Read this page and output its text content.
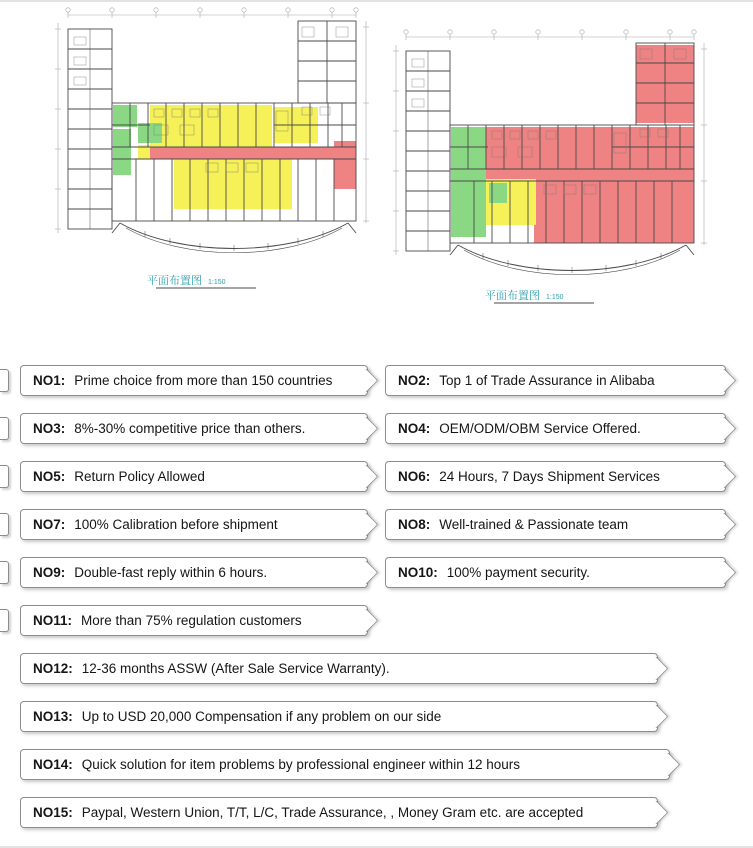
平面布置图 1:150
平面布置图 1:150
NO1: Prime choice from more than 150 countries	NO2: Top 1 of Trade Assurance in Alibaba
NO3: 8%-30% competitive price than others.	NO4: OEM/ODM/OBM Service Offered.
NO5: Return Policy Allowed	NO6: 24 Hours, 7 Days Shipment Services
NO7: 100% Calibration before shipment	NO8: Well-trained & Passionate team
NO9: Double-fast reply within 6 hours.	NO10: 100% payment security.
NO11: More than 75% regulation customers
NO12: 12-36 months ASSW (After Sale Service Warranty).
NO13: Up to USD 20,000 Compensation if any problem on our side
NO14: Quick solution for item problems by professional engineer within 12 hours
NO15: Paypal, Western Union, T/T, L/C, Trade Assurance, , Money Gram etc. are accepted
